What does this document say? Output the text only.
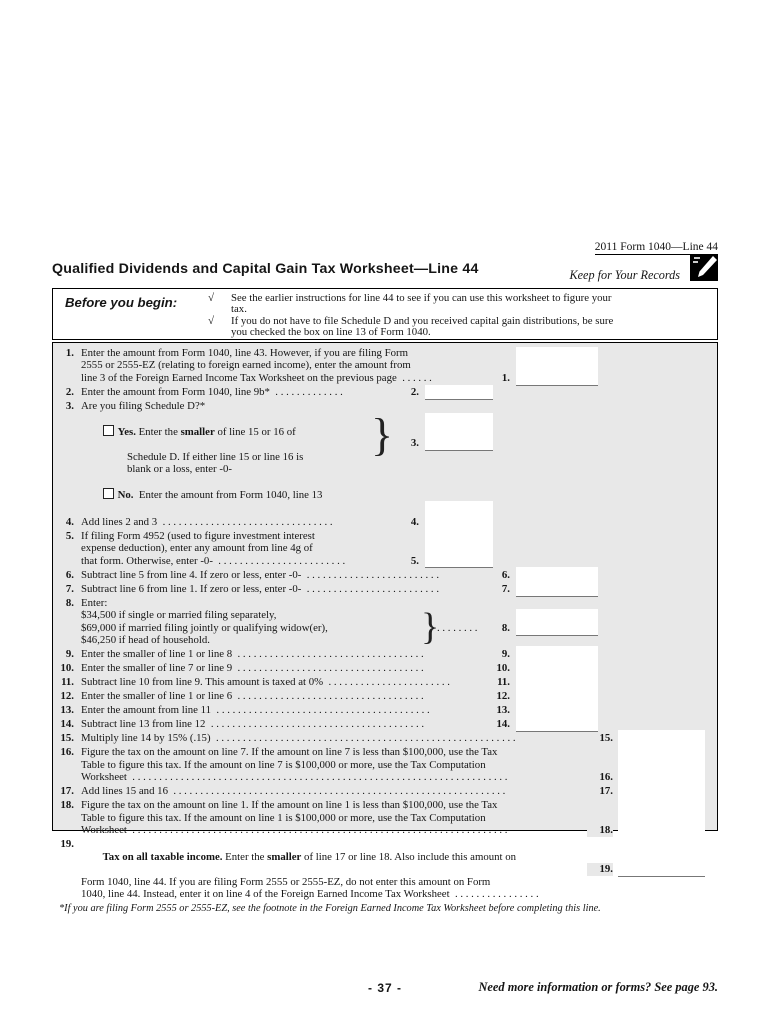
2011 Form 1040—Line 44
Qualified Dividends and Capital Gain Tax Worksheet—Line 44	Keep for Your Records
Before you begin:	√
√
See the earlier instructions for line 44 to see if you can use this worksheet to figure your
tax.
If you do not have to file Schedule D and you received capital gain distributions, be sure
you checked the box on line 13 of Form 1040.
1. Enter the amount from Form 1040, line 43. However, if you are filing Form
2555 or 2555-EZ (relating to foreign earned income), enter the amount from
line 3 of the Foreign Earned Income Tax Worksheet on the previous page  . . . . . .	1.
2. Enter the amount from Form 1040, line 9b*  . . . . . . . . . . . . .	2.
3. Are you filing Schedule D?*

Yes. Enter the smaller of line 15 or 16 of

Schedule D. If either line 15 or line 16 is
blank or a loss, enter -0-

No.  Enter the amount from Form 1040, line 13

}	3.
4. Add lines 2 and 3  . . . . . . . . . . . . . . . . . . . . . . . . . . . . . . . .	4.
5. If filing Form 4952 (used to figure investment interest
expense deduction), enter any amount from line 4g of
that form. Otherwise, enter -0-  . . . . . . . . . . . . . . . . . . . . . . . .	5.
6. Subtract line 5 from line 4. If zero or less, enter -0-  . . . . . . . . . . . . . . . . . . . . . . . . .	6.
7. Subtract line 6 from line 1. If zero or less, enter -0-  . . . . . . . . . . . . . . . . . . . . . . . . .	7.
8. Enter:
$34,500 if single or married filing separately,
$69,000 if married filing jointly or qualifying widow(er),
$46,250 if head of household.	}
. . . . . . . .	8.
9. Enter the smaller of line 1 or line 8  . . . . . . . . . . . . . . . . . . . . . . . . . . . . . . . . . . .	9.
10. Enter the smaller of line 7 or line 9  . . . . . . . . . . . . . . . . . . . . . . . . . . . . . . . . . . .	10.
11. Subtract line 10 from line 9. This amount is taxed at 0%  . . . . . . . . . . . . . . . . . . . . . . .	11.
12. Enter the smaller of line 1 or line 6  . . . . . . . . . . . . . . . . . . . . . . . . . . . . . . . . . . .	12.
13. Enter the amount from line 11  . . . . . . . . . . . . . . . . . . . . . . . . . . . . . . . . . . . . . . . .	13.
14. Subtract line 13 from line 12  . . . . . . . . . . . . . . . . . . . . . . . . . . . . . . . . . . . . . . . .	14.
15. Multiply line 14 by 15% (.15)  . . . . . . . . . . . . . . . . . . . . . . . . . . . . . . . . . . . . . . . . . . . . . . . . . . . . . . . .	15.
16. Figure the tax on the amount on line 7. If the amount on line 7 is less than $100,000, use the Tax
Table to figure this tax. If the amount on line 7 is $100,000 or more, use the Tax Computation
Worksheet  . . . . . . . . . . . . . . . . . . . . . . . . . . . . . . . . . . . . . . . . . . . . . . . . . . . . . . . . . . . . . . . . . . . . . .	16.
17. Add lines 15 and 16  . . . . . . . . . . . . . . . . . . . . . . . . . . . . . . . . . . . . . . . . . . . . . . . . . . . . . . . . . . . . . .	17.
18. Figure the tax on the amount on line 1. If the amount on line 1 is less than $100,000, use the Tax
Table to figure this tax. If the amount on line 1 is $100,000 or more, use the Tax Computation
Worksheet  . . . . . . . . . . . . . . . . . . . . . . . . . . . . . . . . . . . . . . . . . . . . . . . . . . . . . . . . . . . . . . . . . . . . . .	18.
19.

Tax on all taxable income. Enter the smaller of line 17 or line 18. Also include this amount on

Form 1040, line 44. If you are filing Form 2555 or 2555-EZ, do not enter this amount on Form
1040, line 44. Instead, enter it on line 4 of the Foreign Earned Income Tax Worksheet  . . . . . . . . . . . . . . . .
19.
*If you are filing Form 2555 or 2555-EZ, see the footnote in the Foreign Earned Income Tax Worksheet before completing this line.
- 37 -	Need more information or forms? See page 93.
